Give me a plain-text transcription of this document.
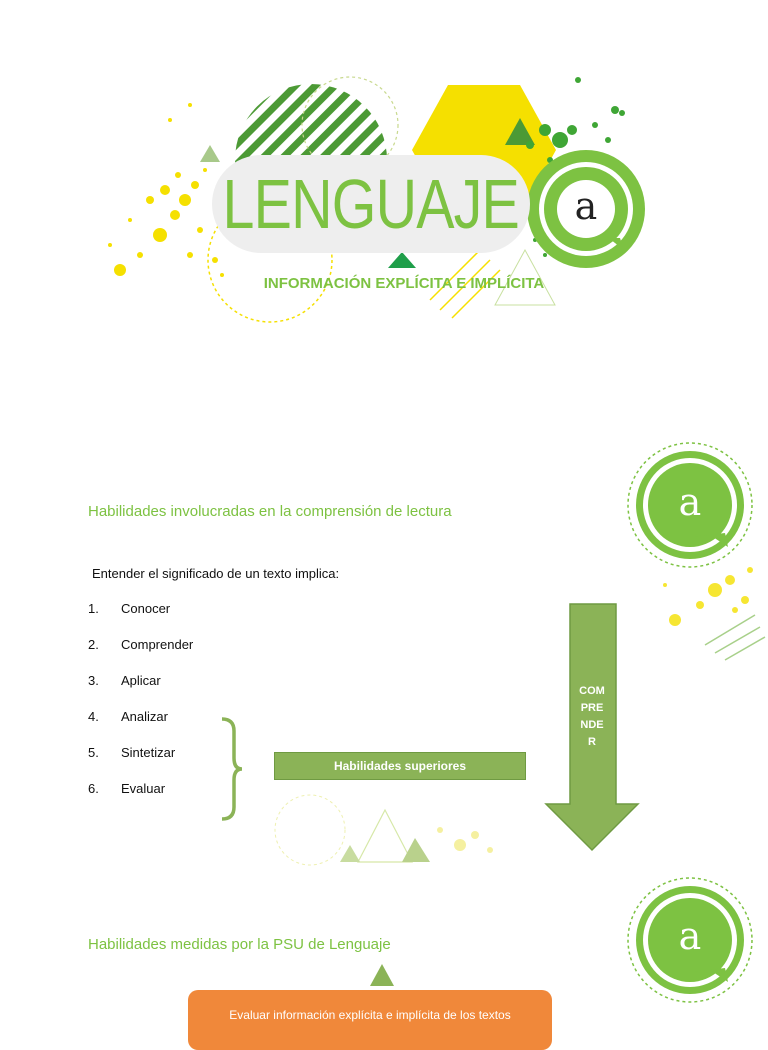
LENGUAJE a
INFORMACIÓN EXPLÍCITA E IMPLÍCITA
a
Habilidades involucradas en la comprensión de lectura
Entender el significado de un texto implica:
1. Conocer
2. Comprender
3. Aplicar
4. Analizar
5. Sintetizar
6. Evaluar
Habilidades superiores
COM
PRE
NDE
R
a
Habilidades medidas por la PSU de Lenguaje
Evaluar información explícita e implícita de los textos
